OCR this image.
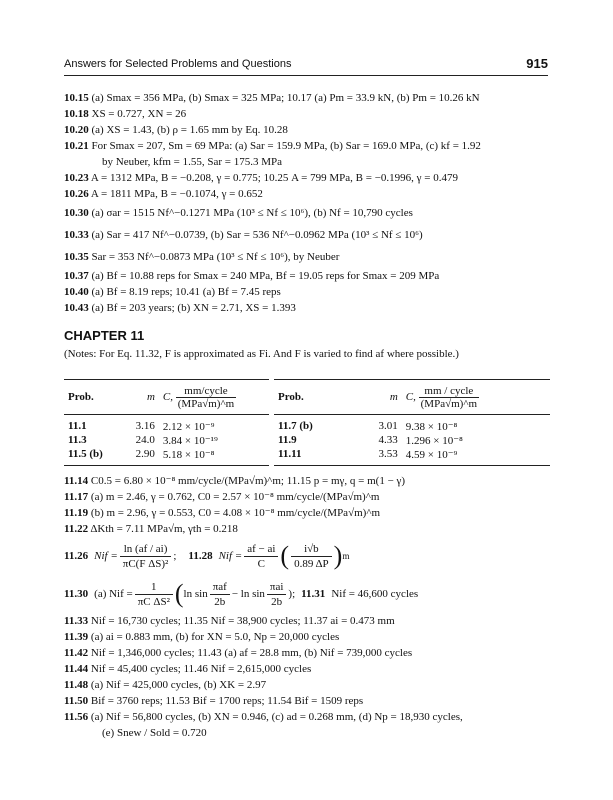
Answers for Selected Problems and Questions	915
10.15 (a) Smax = 356 MPa, (b) Smax = 325 MPa; 10.17 (a) Pm = 33.9 kN, (b) Pm = 10.26 kN
10.18 XS = 0.727, XN = 26
10.20 (a) XS = 1.43, (b) ρ = 1.65 mm by Eq. 10.28
10.21 For Smax = 207, Sm = 69 MPa: (a) Sar = 159.9 MPa, (b) Sar = 169.0 MPa, (c) kf = 1.92
by Neuber, kfm = 1.55, Sar = 175.3 MPa
10.23 A = 1312 MPa, B = −0.208, γ = 0.775; 10.25 A = 799 MPa, B = −0.1996, γ = 0.479
10.26 A = 1811 MPa, B = −0.1074, γ = 0.652
10.30 (a) σar = 1515 Nf^−0.1271 MPa (10³ ≤ Nf ≤ 10⁶), (b) Nf = 10,790 cycles
10.33 (a) Sar = 417 Nf^−0.0739, (b) Sar = 536 Nf^−0.0962 MPa (10³ ≤ Nf ≤ 10⁶)
10.35 Sar = 353 Nf^−0.0873 MPa (10³ ≤ Nf ≤ 10⁶), by Neuber
10.37 (a) Bf = 10.88 reps for Smax = 240 MPa, Bf = 19.05 reps for Smax = 209 MPa
10.40 (a) Bf = 8.19 reps; 10.41 (a) Bf = 7.45 reps
10.43 (a) Bf = 203 years; (b) XN = 2.71, XS = 1.393
CHAPTER 11
(Notes: For Eq. 11.32, F is approximated as Fi. And F is varied to find af where possible.)
Prob.	m	C,
mm/cycle
(MPa√m)^m

11.1	3.16	2.12 × 10⁻⁹
11.3	24.0	3.84 × 10⁻¹⁹
11.5 (b)	2.90	5.18 × 10⁻⁸
Prob.	m	C,
mm / cycle
(MPa√m)^m

11.7 (b)	3.01	9.38 × 10⁻⁸
11.9	4.33	1.296 × 10⁻⁸
11.11	3.53	4.59 × 10⁻⁹
11.14 C0.5 = 6.80 × 10⁻⁸ mm/cycle/(MPa√m)^m; 11.15 p = mγ, q = m(1 − γ)
11.17 (a) m = 2.46, γ = 0.762, C0 = 2.57 × 10⁻⁸ mm/cycle/(MPa√m)^m
11.19 (b) m = 2.96, γ = 0.553, C0 = 4.08 × 10⁻⁸ mm/cycle/(MPa√m)^m
11.22 ΔKth = 7.11 MPa√m, γth = 0.218
11.26 Nif = $\frac{\ln (af / ai)}{\text{πC(F ΔS)²}}$ ; 11.28 Nif = $\frac{af - ai}{C}$ ( $\frac{i√b}{0.89 \Delta P}$ ) m
11.30 (a) Nif = $\frac{1}{\text{πC ΔS²}}$ ( $\ln \sin \frac{\text{πaf}}{2b} - \ln \sin \frac{\text{πai}}{2b}$ ); 11.31 Nif = 46,600 cycles
11.33 Nif = 16,730 cycles; 11.35 Nif = 38,900 cycles; 11.37 ai = 0.473 mm
11.39 (a) ai = 0.883 mm, (b) for XN = 5.0, Np = 20,000 cycles
11.42 Nif = 1,346,000 cycles; 11.43 (a) af = 28.8 mm, (b) Nif = 739,000 cycles
11.44 Nif = 45,400 cycles; 11.46 Nif = 2,615,000 cycles
11.48 (a) Nif = 425,000 cycles, (b) XK = 2.97
11.50 Bif = 3760 reps; 11.53 Bif = 1700 reps; 11.54 Bif = 1509 reps
11.56 (a) Nif = 56,800 cycles, (b) XN = 0.946, (c) ad = 0.268 mm, (d) Np = 18,930 cycles,
(e) Snew / Sold = 0.720
